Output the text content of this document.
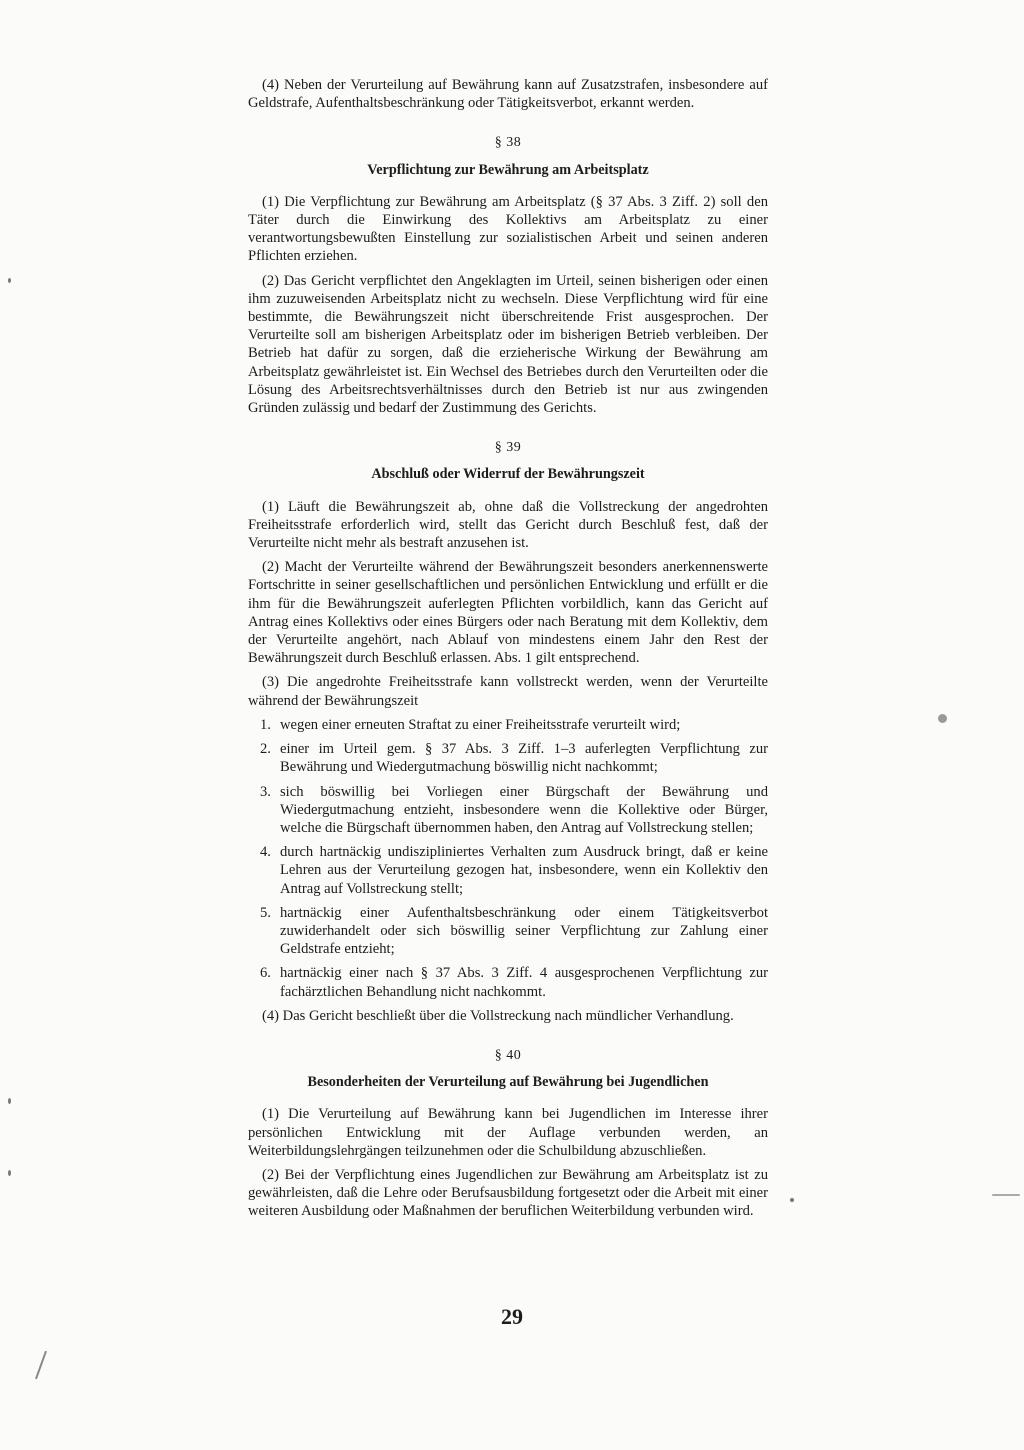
(4) Neben der Verurteilung auf Bewährung kann auf Zusatzstrafen, insbesondere auf Geldstrafe, Aufenthaltsbeschränkung oder Tätigkeitsverbot, erkannt werden.

§ 38
Verpflichtung zur Bewährung am Arbeitsplatz

(1) Die Verpflichtung zur Bewährung am Arbeitsplatz (§ 37 Abs. 3 Ziff. 2) soll den Täter durch die Einwirkung des Kollektivs am Arbeitsplatz zu einer verantwortungsbewußten Einstellung zur sozialistischen Arbeit und seinen anderen Pflichten erziehen.

(2) Das Gericht verpflichtet den Angeklagten im Urteil, seinen bisherigen oder einen ihm zuzuweisenden Arbeitsplatz nicht zu wechseln. Diese Verpflichtung wird für eine bestimmte, die Bewährungszeit nicht überschreitende Frist ausgesprochen. Der Verurteilte soll am bisherigen Arbeitsplatz oder im bisherigen Betrieb verbleiben. Der Betrieb hat dafür zu sorgen, daß die erzieherische Wirkung der Bewährung am Arbeitsplatz gewährleistet ist. Ein Wechsel des Betriebes durch den Verurteilten oder die Lösung des Arbeitsrechtsverhältnisses durch den Betrieb ist nur aus zwingenden Gründen zulässig und bedarf der Zustimmung des Gerichts.

§ 39
Abschluß oder Widerruf der Bewährungszeit

(1) Läuft die Bewährungszeit ab, ohne daß die Vollstreckung der angedrohten Freiheitsstrafe erforderlich wird, stellt das Gericht durch Beschluß fest, daß der Verurteilte nicht mehr als bestraft anzusehen ist.

(2) Macht der Verurteilte während der Bewährungszeit besonders anerkennenswerte Fortschritte in seiner gesellschaftlichen und persönlichen Entwicklung und erfüllt er die ihm für die Bewährungszeit auferlegten Pflichten vorbildlich, kann das Gericht auf Antrag eines Kollektivs oder eines Bürgers oder nach Beratung mit dem Kollektiv, dem der Verurteilte angehört, nach Ablauf von mindestens einem Jahr den Rest der Bewährungszeit durch Beschluß erlassen. Abs. 1 gilt entsprechend.

(3) Die angedrohte Freiheitsstrafe kann vollstreckt werden, wenn der Verurteilte während der Bewährungszeit

1. wegen einer erneuten Straftat zu einer Freiheitsstrafe verurteilt wird;
2. einer im Urteil gem. § 37 Abs. 3 Ziff. 1–3 auferlegten Verpflichtung zur Bewährung und Wiedergutmachung böswillig nicht nachkommt;
3. sich böswillig bei Vorliegen einer Bürgschaft der Bewährung und Wiedergutmachung entzieht, insbesondere wenn die Kollektive oder Bürger, welche die Bürgschaft übernommen haben, den Antrag auf Vollstreckung stellen;
4. durch hartnäckig undiszipliniertes Verhalten zum Ausdruck bringt, daß er keine Lehren aus der Verurteilung gezogen hat, insbesondere, wenn ein Kollektiv den Antrag auf Vollstreckung stellt;
5. hartnäckig einer Aufenthaltsbeschränkung oder einem Tätigkeitsverbot zuwiderhandelt oder sich böswillig seiner Verpflichtung zur Zahlung einer Geldstrafe entzieht;
6. hartnäckig einer nach § 37 Abs. 3 Ziff. 4 ausgesprochenen Verpflichtung zur fachärztlichen Behandlung nicht nachkommt.

(4) Das Gericht beschließt über die Vollstreckung nach mündlicher Verhandlung.

§ 40
Besonderheiten der Verurteilung auf Bewährung bei Jugendlichen

(1) Die Verurteilung auf Bewährung kann bei Jugendlichen im Interesse ihrer persönlichen Entwicklung mit der Auflage verbunden werden, an Weiterbildungslehrgängen teilzunehmen oder die Schulbildung abzuschließen.

(2) Bei der Verpflichtung eines Jugendlichen zur Bewährung am Arbeitsplatz ist zu gewährleisten, daß die Lehre oder Berufsausbildung fortgesetzt oder die Arbeit mit einer weiteren Ausbildung oder Maßnahmen der beruflichen Weiterbildung verbunden wird.

29
